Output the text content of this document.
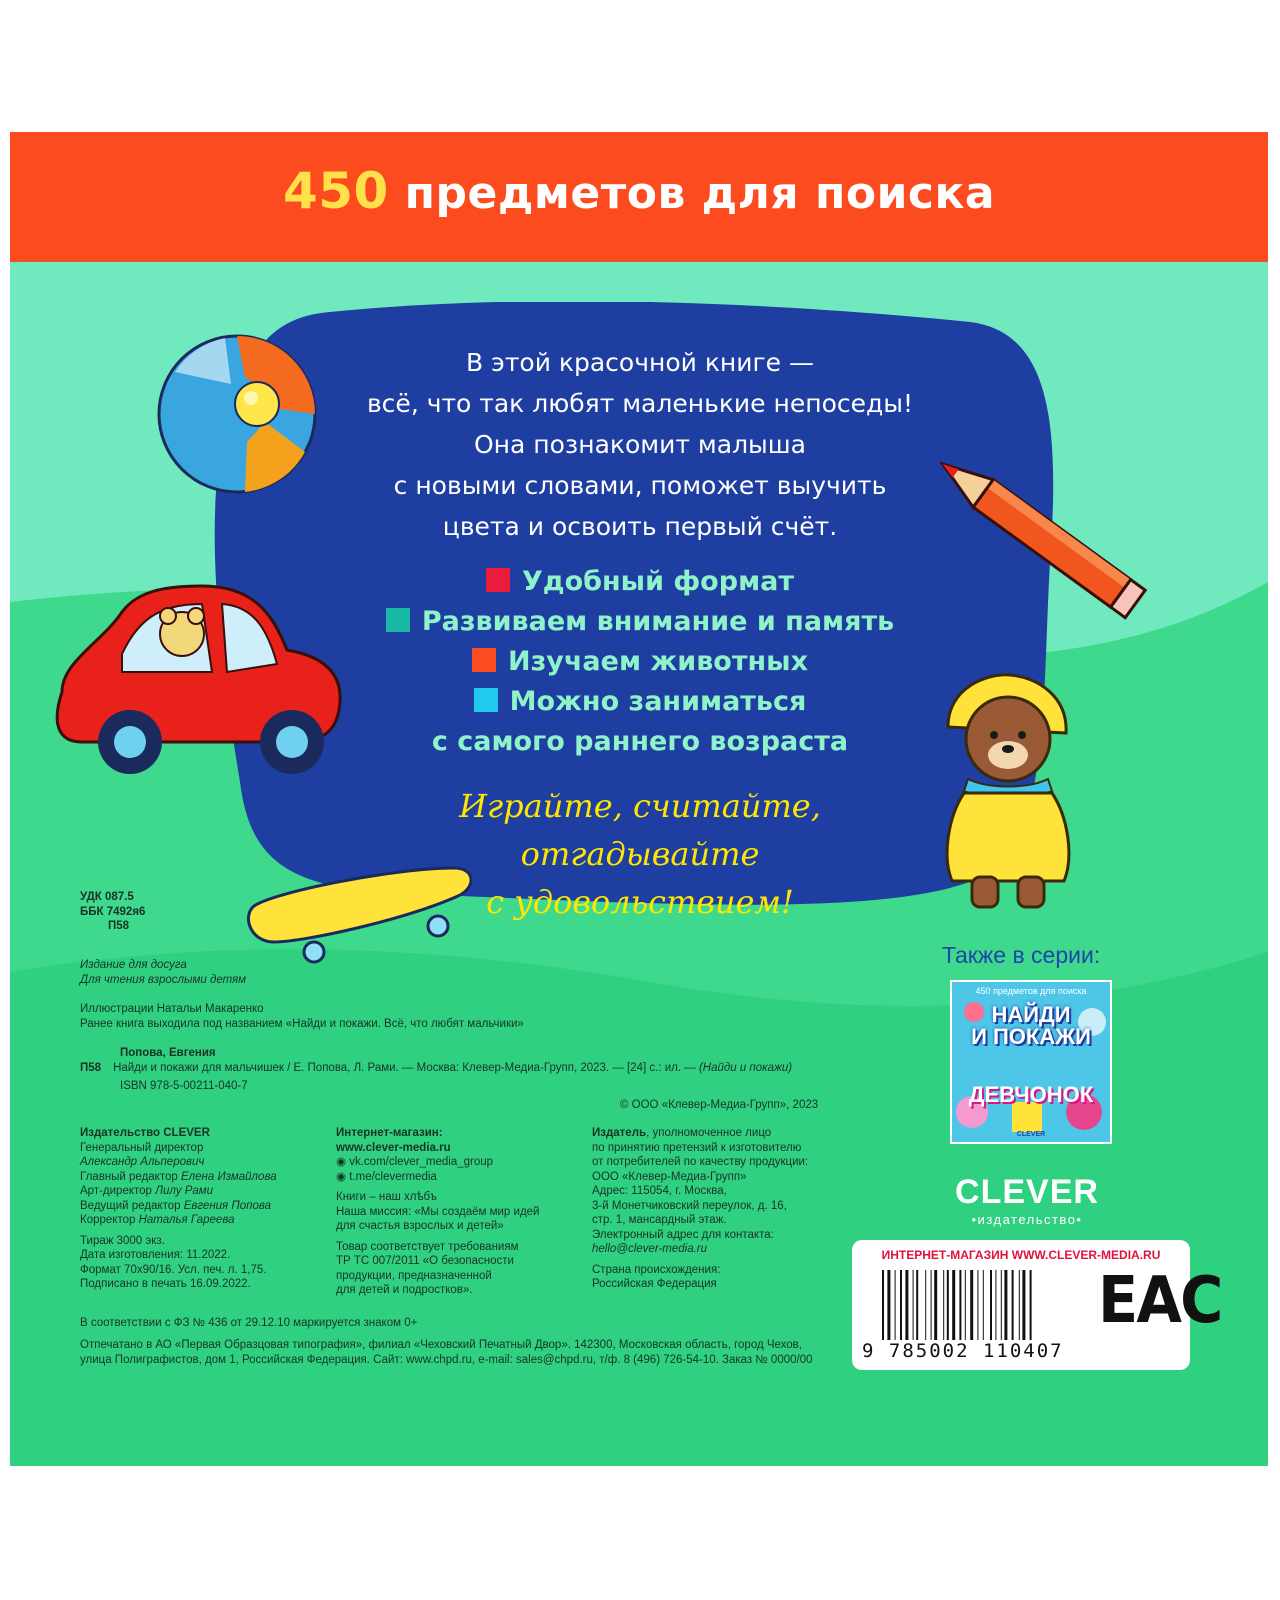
450 предметов для поиска
В этой красочной книге —
всё, что так любят маленькие непоседы!
Она познакомит малыша
с новыми словами, поможет выучить
цвета и освоить первый счёт.
Удобный формат
Развиваем внимание и память
Изучаем животных
Можно заниматься
с самого раннего возраста
Играйте, считайте, отгадывайте
с удовольствием!
УДК 087.5
ББК 7492я6
П58
Издание для досуга
Для чтения взрослыми детям
Иллюстрации Натальи Макаренко
Ранее книга выходила под названием «Найди и покажи. Всё, что любят мальчики»
Попова, Евгения
П58 Найди и покажи для мальчишек / Е. Попова, Л. Рами. — Москва: Клевер-Медиа-Групп, 2023. — [24] с.: ил. — (Найди и покажи)
ISBN 978-5-00211-040-7
© ООО «Клевер-Медиа-Групп», 2023
Издательство CLEVER
Генеральный директор
Александр Альперович
Главный редактор Елена Измайлова
Арт-директор Лилу Рами
Ведущий редактор Евгения Попова
Корректор Наталья Гареева
Тираж 3000 экз.
Дата изготовления: 11.2022.
Формат 70х90/16. Усл. печ. л. 1,75.
Подписано в печать 16.09.2022.
Интернет-магазин:
www.clever-media.ru
◉ vk.com/clever_media_group
◉ t.me/clevermedia
Книги – наш хлѣбъ
Наша миссия: «Мы создаём мир идей
для счастья взрослых и детей»
Товар соответствует требованиям
ТР ТС 007/2011 «О безопасности
продукции, предназначенной
для детей и подростков».
Издатель, уполномоченное лицо
по принятию претензий к изготовителю
от потребителей по качеству продукции:
ООО «Клевер-Медиа-Групп»
Адрес: 115054, г. Москва,
3-й Монетчиковский переулок, д. 16,
стр. 1, мансардный этаж.
Электронный адрес для контакта:
hello@clever-media.ru
Страна происхождения:
Российская Федерация
В соответствии с ФЗ № 436 от 29.12.10 маркируется знаком 0+
Отпечатано в АО «Первая Образцовая типография», филиал «Чеховский Печатный Двор». 142300, Московская область, город Чехов,
улица Полиграфистов, дом 1, Российская Федерация. Сайт: www.chpd.ru, e-mail: sales@chpd.ru, т/ф. 8 (496) 726-54-10. Заказ № 0000/00
Также в серии:
450 предметов для поиска
НАЙДИ
И ПОКАЖИ
ДЕВЧОНОК
CLEVER
CLEVER
•издательство•
ИНТЕРНЕТ-МАГАЗИН WWW.CLEVER-MEDIA.RU
9 785002 110407
EAC
